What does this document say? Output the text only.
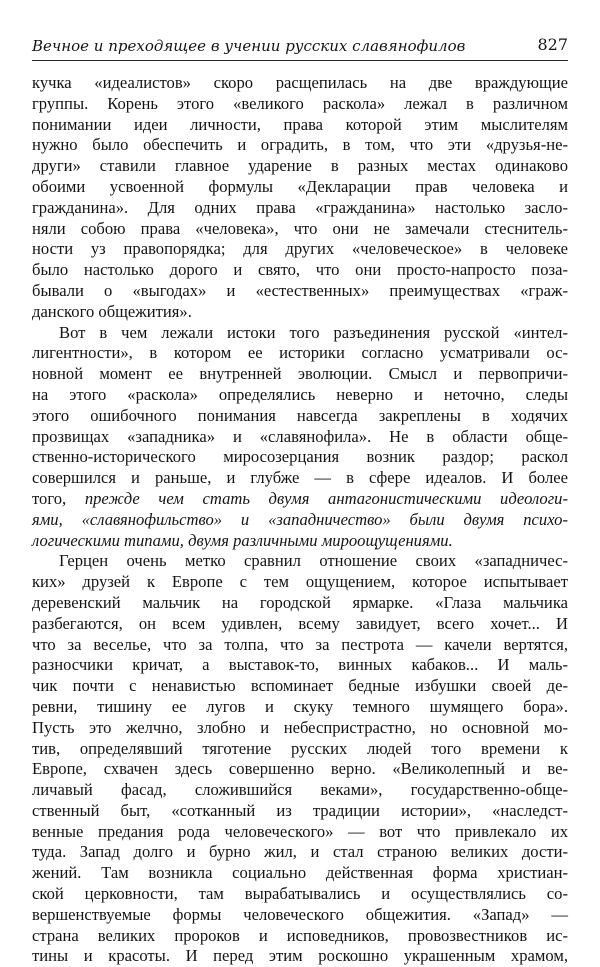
Вечное и преходящее в учении русских славянофилов	827

кучка «идеалистов» скоро расщепилась на две враждующие

группы. Корень этого «великого раскола» лежал в различном

понимании идеи личности, права которой этим мыслителям

нужно было обеспечить и оградить, в том, что эти «друзья-не-

други» ставили главное ударение в разных местах одинаково

обоими усвоенной формулы «Декларации прав человека и

гражданина». Для одних права «гражданина» настолько засло-

няли собою права «человека», что они не замечали стеснитель-

ности уз правопорядка; для других «человеческое» в человеке

было настолько дорого и свято, что они просто-напросто поза-

бывали о «выгодах» и «естественных» преимуществах «граж-

данского общежития».

Вот в чем лежали истоки того разъединения русской «интел-

лигентности», в котором ее историки согласно усматривали ос-

новной момент ее внутренней эволюции. Смысл и первопричи-

на этого «раскола» определялись неверно и неточно, следы

этого ошибочного понимания навсегда закреплены в ходячих

прозвищах «западника» и «славянофила». Не в области обще-

ственно-исторического миросозерцания возник раздор; раскол

совершился и раньше, и глубже — в сфере идеалов. И более

того, прежде чем стать двумя антагонистическими идеологи-

ями, «славянофильство» и «западничество» были двумя психо-

логическими типами, двумя различными мироощущениями.

Герцен очень метко сравнил отношение своих «западничес-

ких» друзей к Европе с тем ощущением, которое испытывает

деревенский мальчик на городской ярмарке. «Глаза мальчика

разбегаются, он всем удивлен, всему завидует, всего хочет... И

что за веселье, что за толпа, что за пестрота — качели вертятся,

разносчики кричат, а выставок-то, винных кабаков... И маль-

чик почти с ненавистью вспоминает бедные избушки своей де-

ревни, тишину ее лугов и скуку темного шумящего бора».

Пусть это желчно, злобно и небеспристрастно, но основной мо-

тив, определявший тяготение русских людей того времени к

Европе, схвачен здесь совершенно верно. «Великолепный и ве-

личавый фасад, сложившийся веками», государственно-обще-

ственный быт, «сотканный из традиции истории», «наследст-

венные предания рода человеческого» — вот что привлекало их

туда. Запад долго и бурно жил, и стал страною великих дости-

жений. Там возникла социально действенная форма христиан-

ской церковности, там вырабатывались и осуществлялись со-

вершенствуемые формы человеческого общежития. «Запад» —

страна великих пророков и исповедников, провозвестников ис-

тины и красоты. И перед этим роскошно украшенным храмом,
